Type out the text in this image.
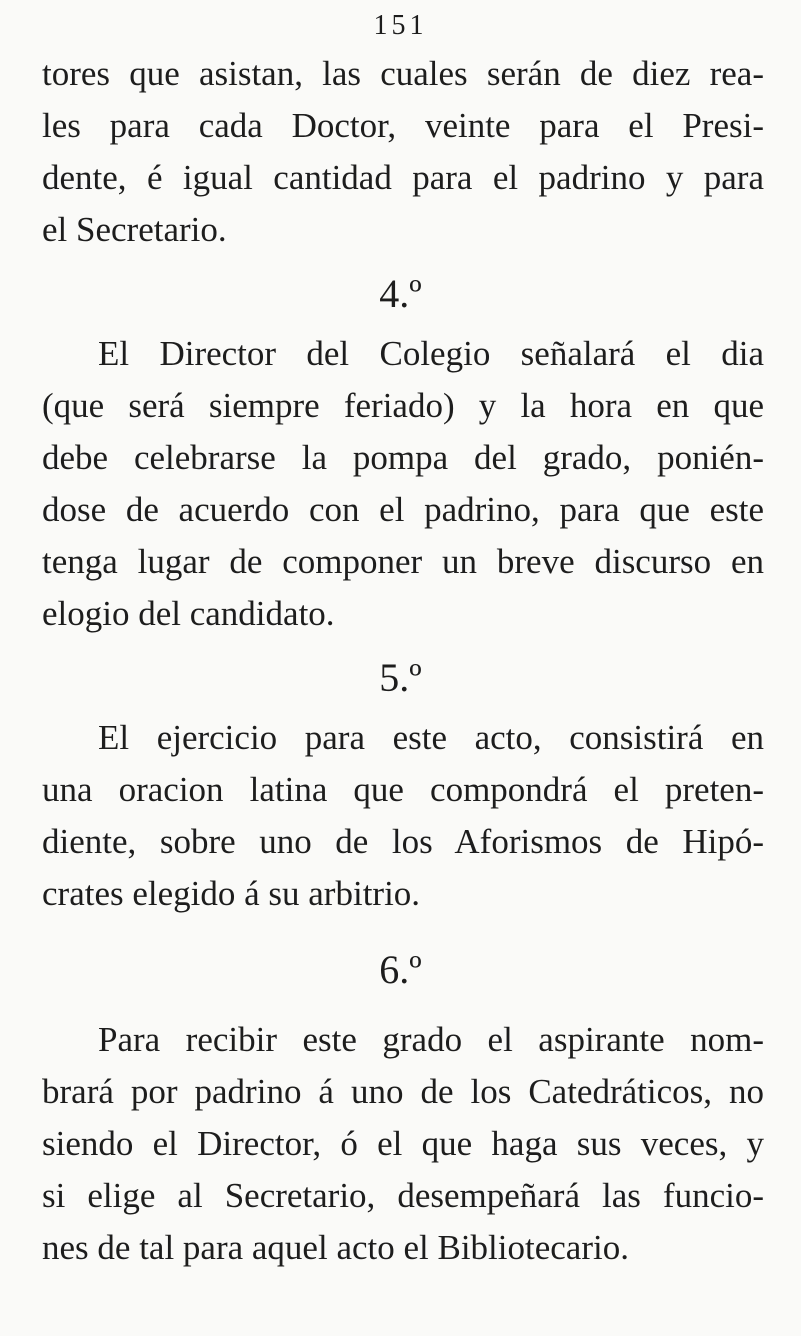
151
tores que asistan, las cuales serán de diez rea-
les para cada Doctor, veinte para el Presi-
dente, é igual cantidad para el padrino y para
el Secretario.
4.º
El Director del Colegio señalará el dia
(que será siempre feriado) y la hora en que
debe celebrarse la pompa del grado, ponién-
dose de acuerdo con el padrino, para que este
tenga lugar de componer un breve discurso en
elogio del candidato.
5.º
El ejercicio para este acto, consistirá en
una oracion latina que compondrá el preten-
diente, sobre uno de los Aforismos de Hipó-
crates elegido á su arbitrio.
6.º
Para recibir este grado el aspirante nom-
brará por padrino á uno de los Catedráticos, no
siendo el Director, ó el que haga sus veces, y
si elige al Secretario, desempeñará las funcio-
nes de tal para aquel acto el Bibliotecario.
